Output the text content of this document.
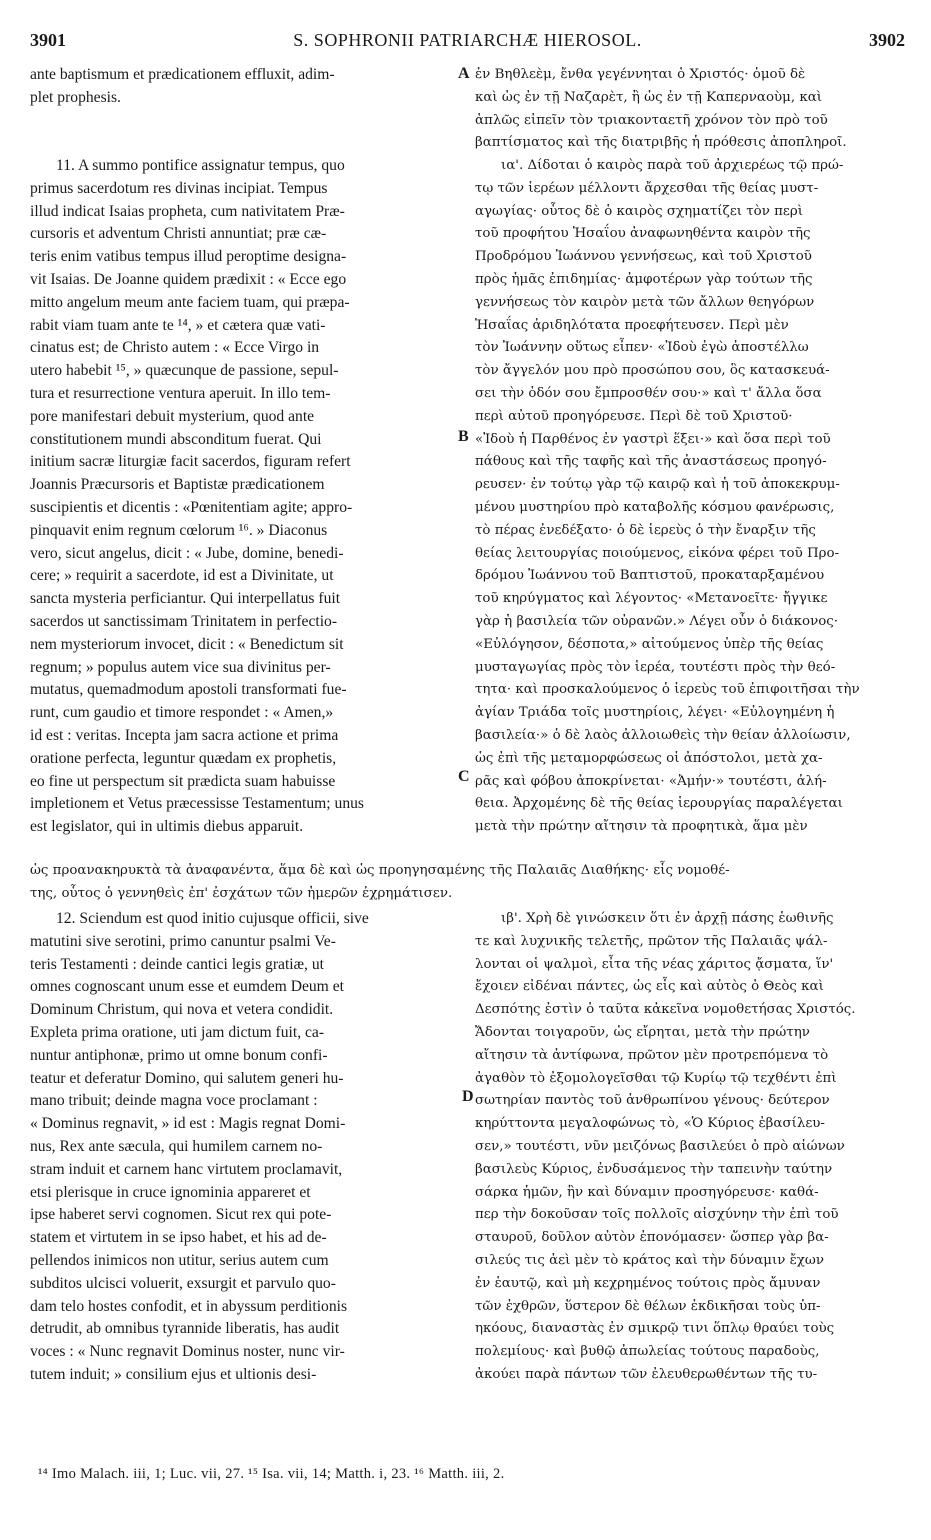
3901	S. SOPHRONII PATRIARCHÆ HIEROSOL.	3902
ante baptismum et prædicationem effluxit, adim-
plet prophesis.
11. A summo pontifice assignatur tempus, quo
primus sacerdotum res divinas incipiat. Tempus
illud indicat Isaias propheta, cum nativitatem Præ-
cursoris et adventum Christi annuntiat; præ cæ-
teris enim vatibus tempus illud peroptime designa-
vit Isaias. De Joanne quidem prædixit : « Ecce ego
mitto angelum meum ante faciem tuam, qui præpa-
rabit viam tuam ante te ¹⁴, » et cætera quæ vati-
cinatus est; de Christo autem : « Ecce Virgo in
utero habebit ¹⁵, » quæcunque de passione, sepul-
tura et resurrectione ventura aperuit. In illo tem-
pore manifestari debuit mysterium, quod ante
constitutionem mundi absconditum fuerat. Qui
initium sacræ liturgiæ facit sacerdos, figuram refert
Joannis Præcursoris et Baptistæ prædicationem
suscipientis et dicentis : «Pœnitentiam agite; appro-
pinquavit enim regnum cœlorum ¹⁶. » Diaconus
vero, sicut angelus, dicit : « Jube, domine, benedi-
cere; » requirit a sacerdote, id est a Divinitate, ut
sancta mysteria perficiantur. Qui interpellatus fuit
sacerdos ut sanctissimam Trinitatem in perfectio-
nem mysteriorum invocet, dicit : « Benedictum sit
regnum; » populus autem vice sua divinitus per-
mutatus, quemadmodum apostoli transformati fue-
runt, cum gaudio et timore respondet : « Amen,»
id est : veritas. Incepta jam sacra actione et prima
oratione perfecta, leguntur quædam ex prophetis,
eo fine ut perspectum sit prædicta suam habuisse
impletionem et Vetus præcessisse Testamentum; unus
est legislator, qui in ultimis diebus apparuit.
ἐν Βηθλεὲμ, ἔνθα γεγέννηται ὁ Χριστός· ὁμοῦ δὲ
καὶ ὡς ἐν τῇ Ναζαρὲτ, ἢ ὡς ἐν τῇ Καπερναοὺμ, καὶ
ἁπλῶς εἰπεῖν τὸν τριακονταετῆ χρόνον τὸν πρὸ τοῦ
βαπτίσματος καὶ τῆς διατριβῆς ἡ πρόθεσις ἀποπληροῖ.
ια'. Δίδοται ὁ καιρὸς παρὰ τοῦ ἀρχιερέως τῷ πρώ-
τῳ τῶν ἱερέων μέλλοντι ἄρχεσθαι τῆς θείας μυστ-
αγωγίας· οὗτος δὲ ὁ καιρὸς σχηματίζει τὸν περὶ
τοῦ προφήτου Ἡσαΐου ἀναφωνηθέντα καιρὸν τῆς
Προδρόμου Ἰωάννου γεννήσεως, καὶ τοῦ Χριστοῦ
πρὸς ἡμᾶς ἐπιδημίας· ἀμφοτέρων γὰρ τούτων τῆς
γεννήσεως τὸν καιρὸν μετὰ τῶν ἄλλων θεηγόρων
Ἡσαΐας ἀριδηλότατα προεφήτευσεν. Περὶ μὲν
τὸν Ἰωάννην οὕτως εἶπεν· «Ἰδοὺ ἐγὼ ἀποστέλλω
τὸν ἄγγελόν μου πρὸ προσώπου σου, ὃς κατασκευά-
σει τὴν ὁδόν σου ἔμπροσθέν σου·» καὶ τ' ἄλλα ὅσα
περὶ αὐτοῦ προηγόρευσε. Περὶ δὲ τοῦ Χριστοῦ·
«Ἰδοὺ ἡ Παρθένος ἐν γαστρὶ ἕξει·» καὶ ὅσα περὶ τοῦ
πάθους καὶ τῆς ταφῆς καὶ τῆς ἀναστάσεως προηγό-
ρευσεν· ἐν τούτῳ γὰρ τῷ καιρῷ καὶ ἡ τοῦ ἀποκεκρυμ-
μένου μυστηρίου πρὸ καταβολῆς κόσμου φανέρωσις,
τὸ πέρας ἐνεδέξατο· ὁ δὲ ἱερεὺς ὁ τὴν ἔναρξιν τῆς
θείας λειτουργίας ποιούμενος, εἰκόνα φέρει τοῦ Προ-
δρόμου Ἰωάννου τοῦ Βαπτιστοῦ, προκαταρξαμένου
τοῦ κηρύγματος καὶ λέγοντος· «Μετανοεῖτε· ἤγγικε
γὰρ ἡ βασιλεία τῶν οὐρανῶν.» Λέγει οὖν ὁ διάκονος·
«Εὐλόγησον, δέσποτα,» αἰτούμενος ὑπὲρ τῆς θείας
μυσταγωγίας πρὸς τὸν ἱερέα, τουτέστι πρὸς τὴν θεό-
τητα· καὶ προσκαλούμενος ὁ ἱερεὺς τοῦ ἐπιφοιτῆσαι τὴν
ἁγίαν Τριάδα τοῖς μυστηρίοις, λέγει· «Εὐλογημένη ἡ
βασιλεία·» ὁ δὲ λαὸς ἀλλοιωθεὶς τὴν θείαν ἀλλοίωσιν,
ὡς ἐπὶ τῆς μεταμορφώσεως οἱ ἀπόστολοι, μετὰ χα-
ρᾶς καὶ φόβου ἀποκρίνεται· «Ἀμήν·» τουτέστι, ἀλή-
θεια. Ἀρχομένης δὲ τῆς θείας ἱερουργίας παραλέγεται
μετὰ τὴν πρώτην αἴτησιν τὰ προφητικὰ, ἅμα μὲν
ὡς προανακηρυκτὰ τὰ ἀναφανέντα, ἅμα δὲ καὶ ὡς προηγησαμένης τῆς Παλαιᾶς Διαθήκης· εἷς νομοθέ-
της, οὗτος ὁ γεννηθεὶς ἐπ' ἐσχάτων τῶν ἡμερῶν ἐχρημάτισεν.
12. Sciendum est quod initio cujusque officii, sive
matutini sive serotini, primo canuntur psalmi Ve-
teris Testamenti : deinde cantici legis gratiæ, ut
omnes cognoscant unum esse et eumdem Deum et
Dominum Christum, qui nova et vetera condidit.
Expleta prima oratione, uti jam dictum fuit, ca-
nuntur antiphonæ, primo ut omne bonum confi-
teatur et deferatur Domino, qui salutem generi hu-
mano tribuit; deinde magna voce proclamant :
« Dominus regnavit, » id est : Magis regnat Domi-
nus, Rex ante sæcula, qui humilem carnem no-
stram induit et carnem hanc virtutem proclamavit,
etsi plerisque in cruce ignominia appareret et
ipse haberet servi cognomen. Sicut rex qui pote-
statem et virtutem in se ipso habet, et his ad de-
pellendos inimicos non utitur, serius autem cum
subditos ulcisci voluerit, exsurgit et parvulo quo-
dam telo hostes confodit, et in abyssum perditionis
detrudit, ab omnibus tyrannide liberatis, has audit
voces : « Nunc regnavit Dominus noster, nunc vir-
tutem induit; » consilium ejus et ultionis desi-
ιβ'. Χρὴ δὲ γινώσκειν ὅτι ἐν ἀρχῇ πάσης ἑωθινῆς
τε καὶ λυχνικῆς τελετῆς, πρῶτον τῆς Παλαιᾶς ψάλ-
λονται οἱ ψαλμοὶ, εἶτα τῆς νέας χάριτος ᾄσματα, ἵν'
ἔχοιεν εἰδέναι πάντες, ὡς εἷς καὶ αὐτὸς ὁ Θεὸς καὶ
Δεσπότης ἐστὶν ὁ ταῦτα κἀκεῖνα νομοθετήσας Χριστός.
Ἄδονται τοιγαροῦν, ὡς εἴρηται, μετὰ τὴν πρώτην
αἴτησιν τὰ ἀντίφωνα, πρῶτον μὲν προτρεπόμενα τὸ
ἀγαθὸν τὸ ἐξομολογεῖσθαι τῷ Κυρίῳ τῷ τεχθέντι ἐπὶ
σωτηρίαν παντὸς τοῦ ἀνθρωπίνου γένους· δεύτερον
κηρύττοντα μεγαλοφώνως τὸ, «Ὁ Κύριος ἐβασίλευ-
σεν,» τουτέστι, νῦν μειζόνως βασιλεύει ὁ πρὸ αἰώνων
βασιλεὺς Κύριος, ἐνδυσάμενος τὴν ταπεινὴν ταύτην
σάρκα ἡμῶν, ἣν καὶ δύναμιν προσηγόρευσε· καθά-
περ τὴν δοκοῦσαν τοῖς πολλοῖς αἰσχύνην τὴν ἐπὶ τοῦ
σταυροῦ, δοῦλον αὐτὸν ἐπονόμασεν· ὥσπερ γὰρ βα-
σιλεύς τις ἀεὶ μὲν τὸ κράτος καὶ τὴν δύναμιν ἔχων
ἐν ἑαυτῷ, καὶ μὴ κεχρημένος τούτοις πρὸς ἄμυναν
τῶν ἐχθρῶν, ὕστερον δὲ θέλων ἐκδικῆσαι τοὺς ὑπ-
ηκόους, διαναστὰς ἐν σμικρῷ τινι ὅπλῳ θραύει τοὺς
πολεμίους· καὶ βυθῷ ἀπωλείας τούτους παραδοὺς,
ἀκούει παρὰ πάντων τῶν ἐλευθερωθέντων τῆς τυ-
A
B
C
D
¹⁴ Imo Malach. iii, 1; Luc. vii, 27. ¹⁵ Isa. vii, 14; Matth. i, 23. ¹⁶ Matth. iii, 2.
